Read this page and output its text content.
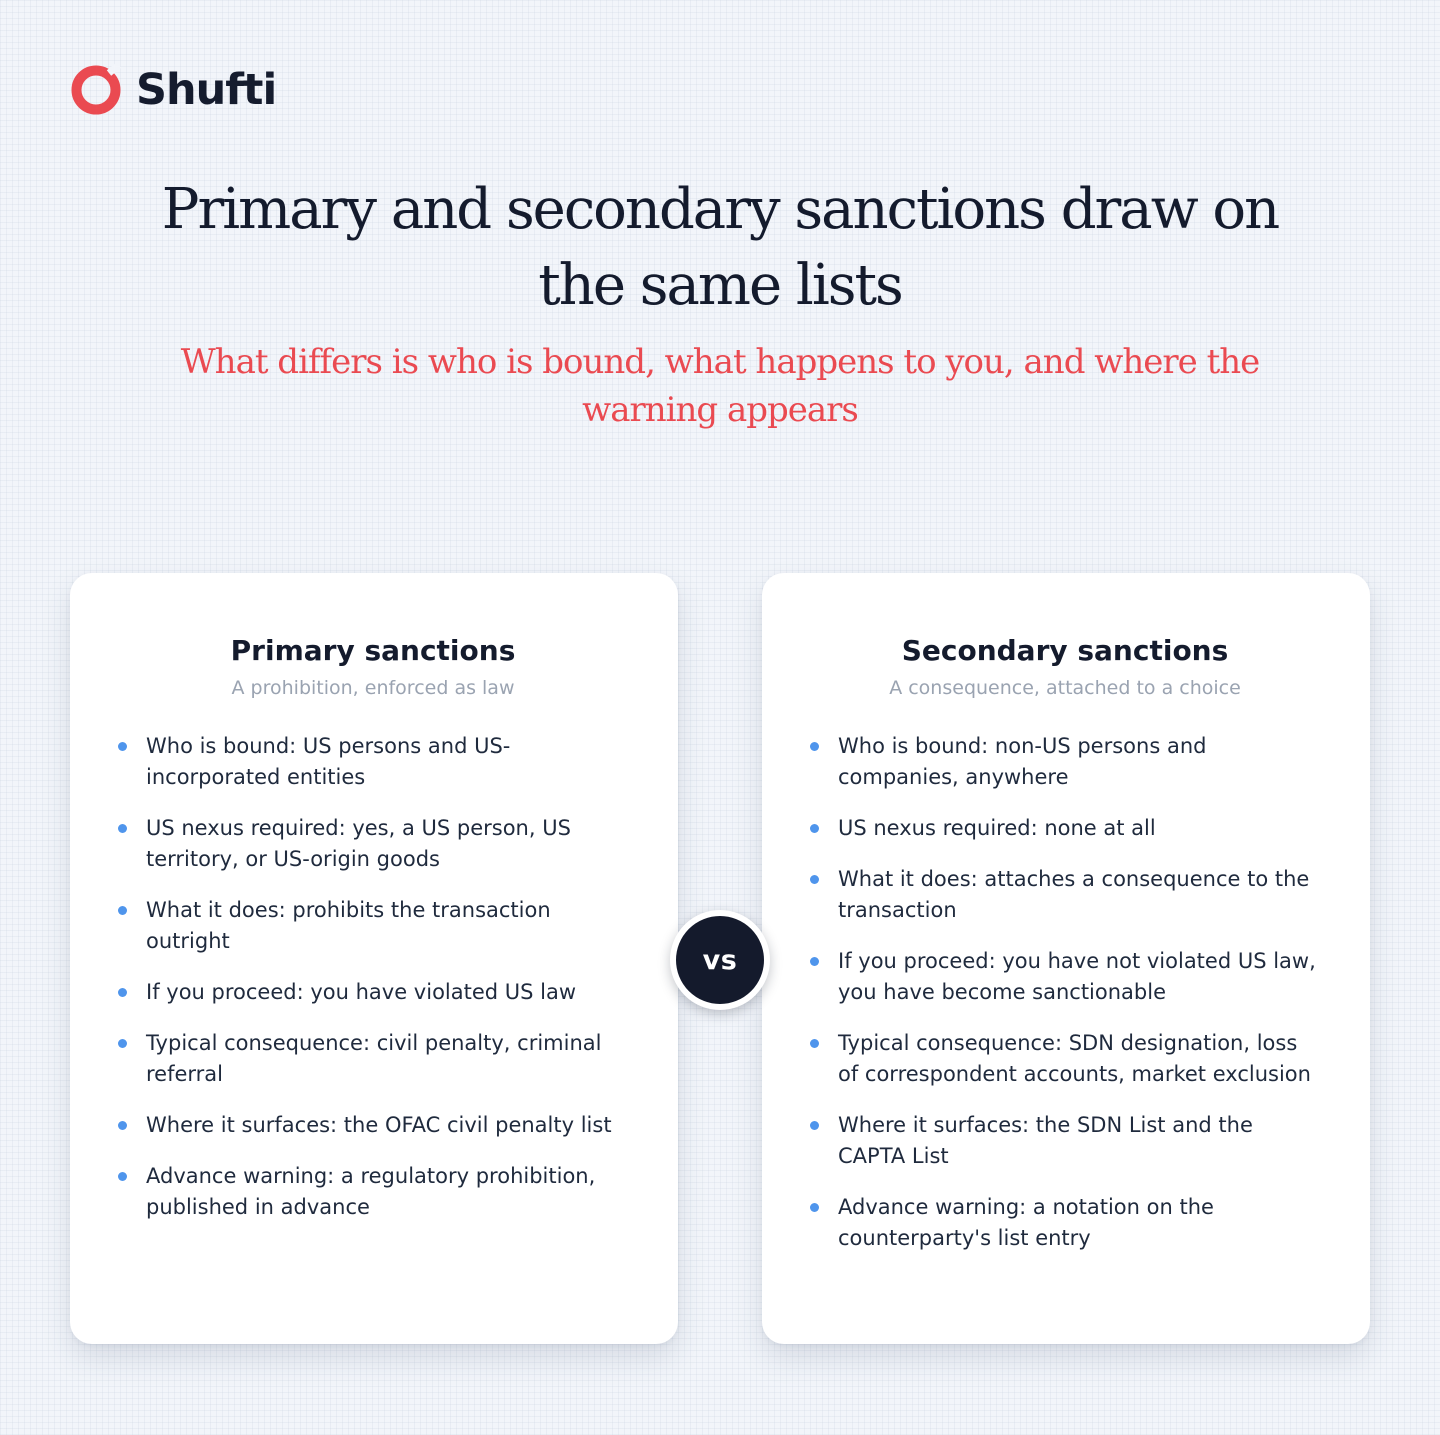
Shufti
Primary and secondary sanctions draw on the same lists

What differs is who is bound, what happens to you, and where the warning appears

Primary sanctions

A prohibition, enforced as law

Who is bound: US persons and US-incorporated entities
US nexus required: yes, a US person, US territory, or US-origin goods
What it does: prohibits the transaction outright
If you proceed: you have violated US law
Typical consequence: civil penalty, criminal referral
Where it surfaces: the OFAC civil penalty list
Advance warning: a regulatory prohibition, published in advance
Secondary sanctions

A consequence, attached to a choice

Who is bound: non-US persons and companies, anywhere
US nexus required: none at all
What it does: attaches a consequence to the transaction
If you proceed: you have not violated US law, you have become sanctionable
Typical consequence: SDN designation, loss of correspondent accounts, market exclusion
Where it surfaces: the SDN List and the CAPTA List
Advance warning: a notation on the counterparty's list entry
vs
